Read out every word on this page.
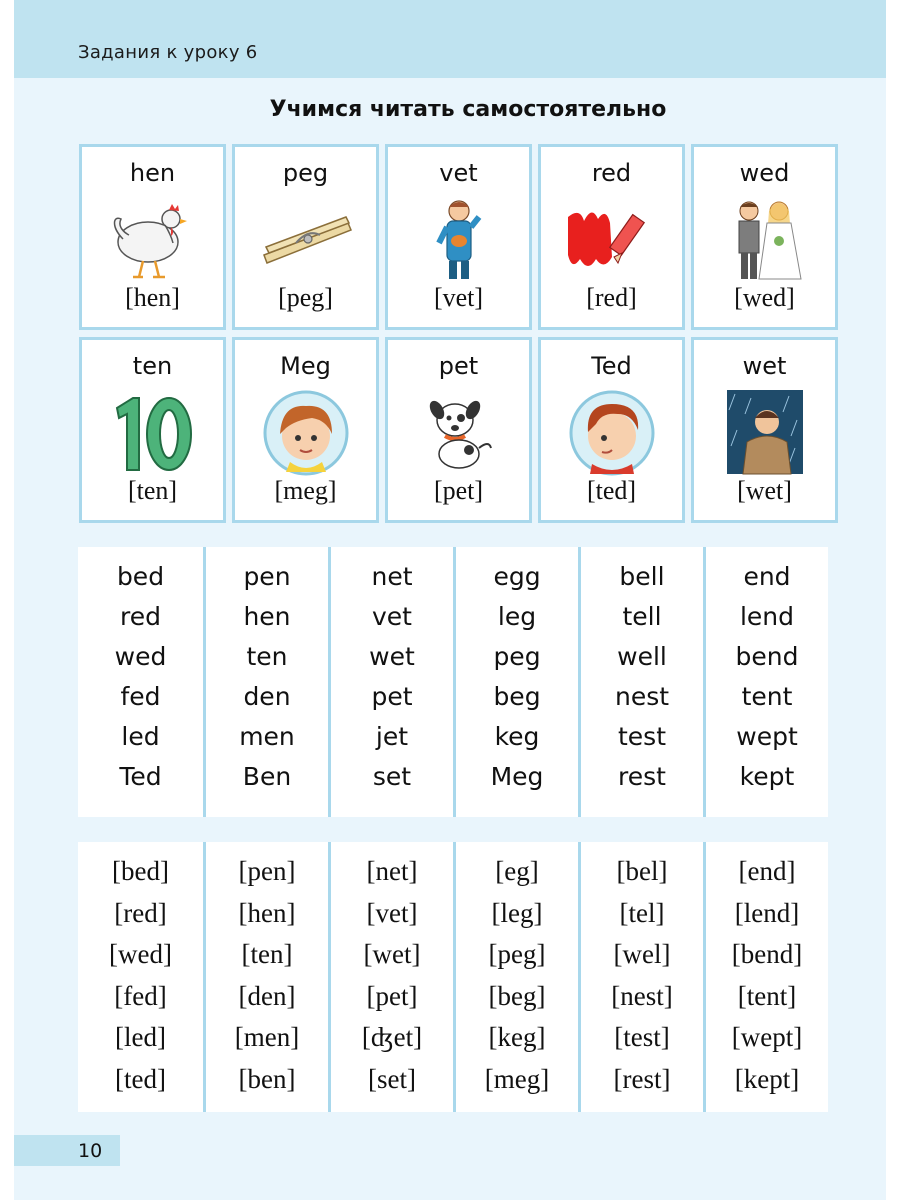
Задания к уроку 6
Учимся читать самостоятельно
hen
[hen]
peg
[peg]
vet
[vet]
red
[red]
wed
[wed]
ten
[ten]
Meg
[meg]
pet
[pet]
Ted
[ted]
wet
[wet]
bed
red
wed
fed
led
Ted
pen
hen
ten
den
men
Ben
net
vet
wet
pet
jet
set
egg
leg
peg
beg
keg
Meg
bell
tell
well
nest
test
rest
end
lend
bend
tent
wept
kept
[bed]
[red]
[wed]
[fed]
[led]
[ted]
[pen]
[hen]
[ten]
[den]
[men]
[ben]
[net]
[vet]
[wet]
[pet]
[ʤet]
[set]
[eg]
[leg]
[peg]
[beg]
[keg]
[meg]
[bel]
[tel]
[wel]
[nest]
[test]
[rest]
[end]
[lend]
[bend]
[tent]
[wept]
[kept]
10
